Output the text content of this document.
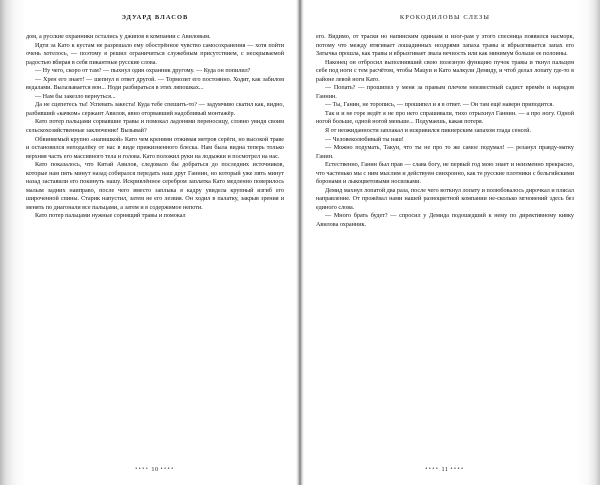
ЭДУАРД ВЛАСОВ

дом, а русские охранники остались у джипов в компании с Авиловым.

Идти за Като к кустам не разрешало ему обострённое чувство самосохранения — хотя пойти очень хотелось, — поэтому я решил ограничиться служебным присутствием, с нескрываемой радостью вбирая в себя пикантные русские слова.

— Ну чего, скоро от там? — пыхнул один охранник другому. — Куда он попилил?

— Хрен его знает! — шепнул в ответ другой. — Тормозит его постоянно. Ходит, как забилом ведалами. Вылазывается вон... Ноди разбираться в этих ляпошках...

— Нам бы закезло вернуться...

Да не сцепетесь ты! Успевать закеста! Куда тебе спешить-то? — задумчиво скатил как, видно, разбивший «качком» сержант Авилов, явно оторвавший надобливый монтажёр.

Като потер пальцами сорвавшие травы и помокал ладонями переносицу, словно увидя своим сельскохозяйственные заключение! Вызывай?

Обвиняемый крупно «напишкой» Като чем кренями отжимая метров серёги, но высокой траве и остановился неподалёку от нас в виде прижизненного блеска. Нам была видна теперь только верхняя часть его массивного тела и голова. Като положил руки на лодыжки и посмотрел на нас.

Като показалось, что Китай Авилов, следовало бы добраться до последних источников, которые нам пять минут назад собирался передать наш друг Ганнин, но который уже пять минут назад заставили его покинуть нашу. Искривлённое серебром заплатка Като медленно поверилось малым задних наиправо, после чего вместо заплыка в кадру увидела крупный изгиб его широченной спины. Старик напустил, затем не его лезвия. Он ходил в палатку, закрыв зрения и менять по диагонали все пальцами, а затем и в содержимое непоти.

Като потер пальцами нужные сорнящий травы и помокал

•••• 10 ••••
КРОКОДИЛОВЫ СЛЕЗЫ

его. Видимо, от траски но напинским одинаам и изог-рам у этого спесница появился насморк, потому что между втягивает лошадинных ноздрями запаха травы и вбрызгивается запах его Затычка прошла, как травы и вбрызгивает звала вечность или как минимум больше ее полоины.

Наконец он отбросил выполнивший свою полезную функцию пучок травы и ткнул пальцем себе под ноги с тем расчётом, чтобы Мацуи и Като малкули Демиду, и чтоб делал лопату где-то в районе левой ноги Като.

— Попать? — прошипел у меня за правым плечом неизвестный садист времён и нарядов Ганнин.

— Ты, Ганин, не торопись, — прошипел и я в ответ. — Он там ещё наверн приподится.

Так и и не горе ведёт я не про него спрашивали, тихо отрыхнул Ганнин. — а про ногу. Одной ногой больше, одной ногой меньше... Подумаешь, какая потеря.

Я от неожиданности заплакал и искривился пикнерским запахом глада сенсей.

— Человеколюбивый ты наш!

— Можно подумать, Такун, что ты не про то же самое подумал! — резанул правду-матку Ганин.

Естественно, Ганин был прав — слава богу, не первый год мою знает и неизменно прекрасно, что частенько мы с ним мыслим и действуем синхронно, как те русские плотники с бельгийскими боронами и лыкоцветовыми носилками.

Демид махнул лопатой два раза, после чего воткнул лопату и полюбовалось дирочкал и плясал направление. От прожёвал нами нашей разноцветной компании не-сколько мгновений здесь без единого слова.

— Много брать будет? — спросил у Демида подошедший к нему по директивному кивку Авилова охранник.

•••• 11 ••••
